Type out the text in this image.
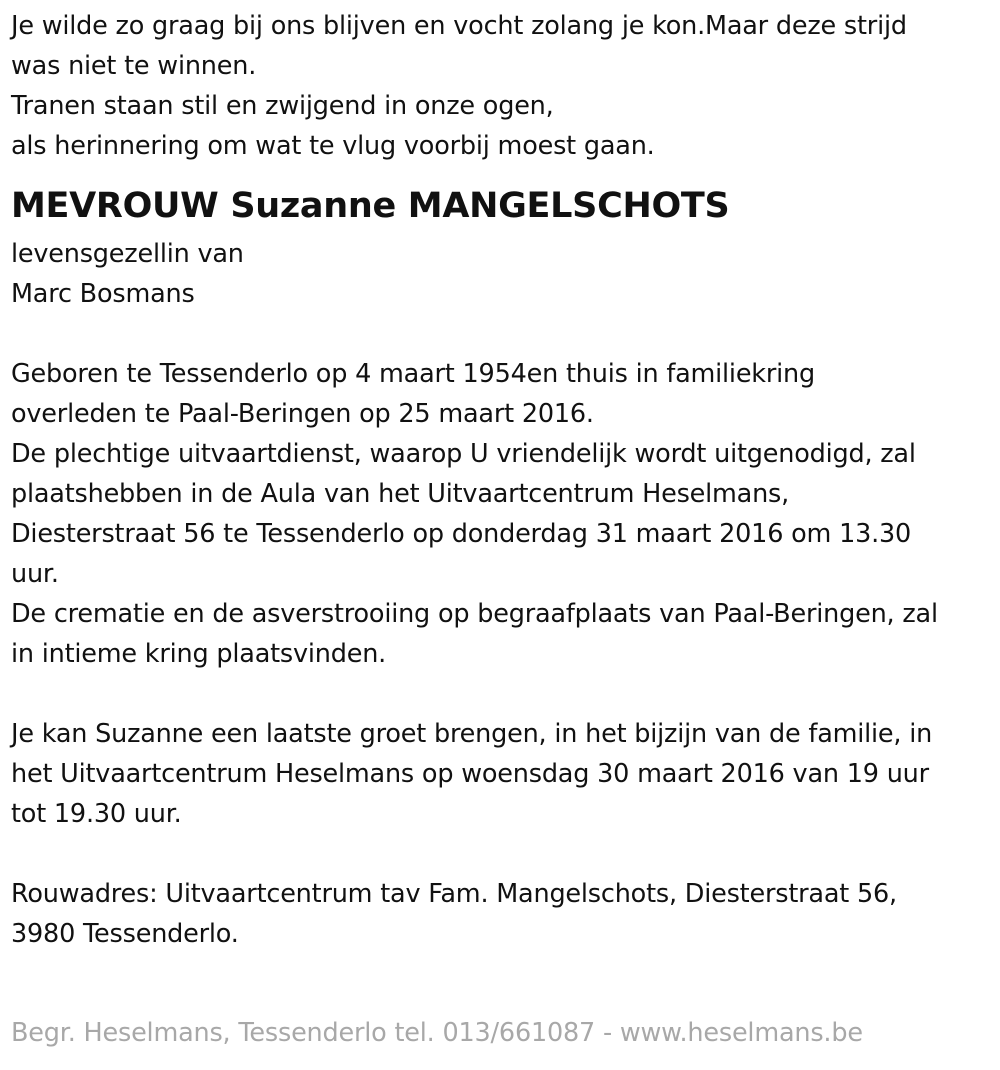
Je wilde zo graag bij ons blijven en vocht zolang je kon.Maar deze strijd
was niet te winnen.
Tranen staan stil en zwijgend in onze ogen,
als herinnering om wat te vlug voorbij moest gaan.
MEVROUW Suzanne MANGELSCHOTS
levensgezellin van
Marc Bosmans
Geboren te Tessenderlo op 4 maart 1954en thuis in familiekring
overleden te Paal-Beringen op 25 maart 2016.
De plechtige uitvaartdienst, waarop U vriendelijk wordt uitgenodigd, zal
plaatshebben in de Aula van het Uitvaartcentrum Heselmans,
Diesterstraat 56 te Tessenderlo op donderdag 31 maart 2016 om 13.30
uur.
De crematie en de asverstrooiing op begraafplaats van Paal-Beringen, zal
in intieme kring plaatsvinden.
Je kan Suzanne een laatste groet brengen, in het bijzijn van de familie, in
het Uitvaartcentrum Heselmans op woensdag 30 maart 2016 van 19 uur
tot 19.30 uur.
Rouwadres: Uitvaartcentrum tav Fam. Mangelschots, Diesterstraat 56,
3980 Tessenderlo.
Begr. Heselmans, Tessenderlo tel. 013/661087 - www.heselmans.be
